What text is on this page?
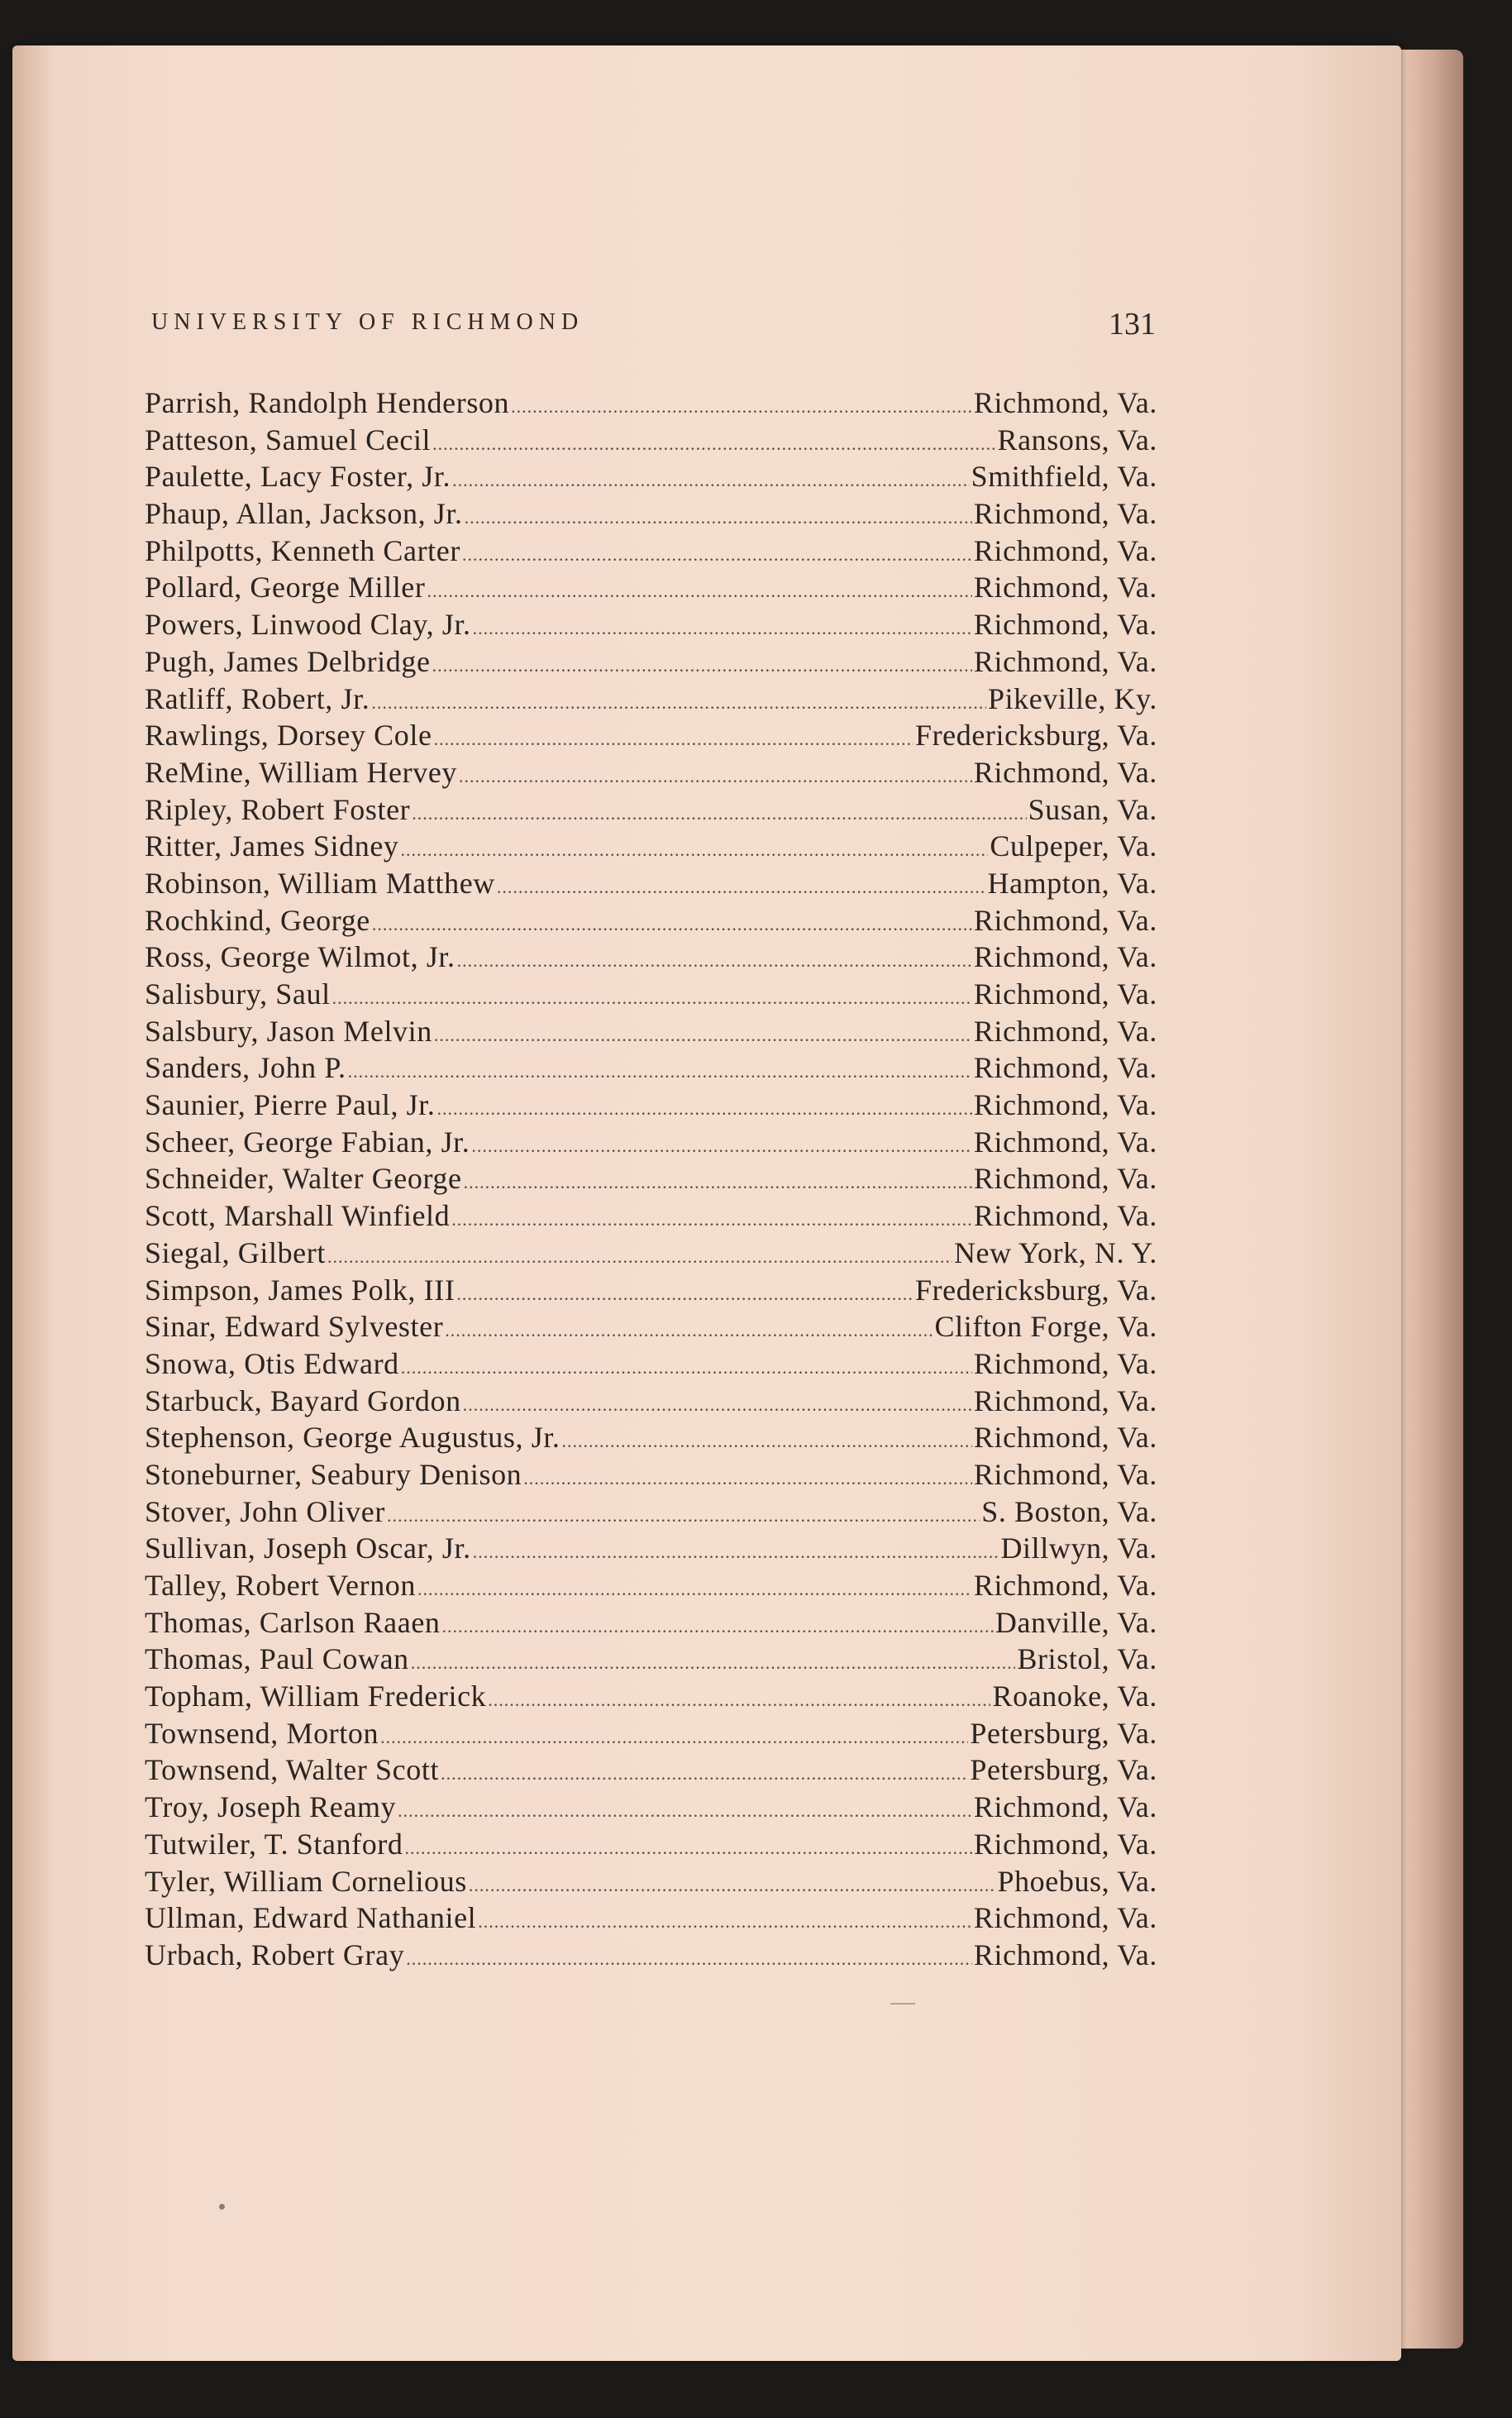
UNIVERSITY OF RICHMOND	131
Parrish, Randolph Henderson .....	Richmond, Va.
Patteson, Samuel Cecil .....	Ransons, Va.
Paulette, Lacy Foster, Jr. .....	Smithfield, Va.
Phaup, Allan, Jackson, Jr. .....	Richmond, Va.
Philpotts, Kenneth Carter .....	Richmond, Va.
Pollard, George Miller .....	Richmond, Va.
Powers, Linwood Clay, Jr. .....	Richmond, Va.
Pugh, James Delbridge .....	Richmond, Va.
Ratliff, Robert, Jr. .....	Pikeville, Ky.
Rawlings, Dorsey Cole .....	Fredericksburg, Va.
ReMine, William Hervey .....	Richmond, Va.
Ripley, Robert Foster .....	Susan, Va.
Ritter, James Sidney .....	Culpeper, Va.
Robinson, William Matthew .....	Hampton, Va.
Rochkind, George .....	Richmond, Va.
Ross, George Wilmot, Jr. .....	Richmond, Va.
Salisbury, Saul .....	Richmond, Va.
Salsbury, Jason Melvin .....	Richmond, Va.
Sanders, John P. .....	Richmond, Va.
Saunier, Pierre Paul, Jr. .....	Richmond, Va.
Scheer, George Fabian, Jr. .....	Richmond, Va.
Schneider, Walter George .....	Richmond, Va.
Scott, Marshall Winfield .....	Richmond, Va.
Siegal, Gilbert .....	New York, N. Y.
Simpson, James Polk, III .....	Fredericksburg, Va.
Sinar, Edward Sylvester .....	Clifton Forge, Va.
Snowa, Otis Edward .....	Richmond, Va.
Starbuck, Bayard Gordon .....	Richmond, Va.
Stephenson, George Augustus, Jr. .....	Richmond, Va.
Stoneburner, Seabury Denison .....	Richmond, Va.
Stover, John Oliver .....	S. Boston, Va.
Sullivan, Joseph Oscar, Jr. .....	Dillwyn, Va.
Talley, Robert Vernon .....	Richmond, Va.
Thomas, Carlson Raaen .....	Danville, Va.
Thomas, Paul Cowan .....	Bristol, Va.
Topham, William Frederick .....	Roanoke, Va.
Townsend, Morton .....	Petersburg, Va.
Townsend, Walter Scott .....	Petersburg, Va.
Troy, Joseph Reamy .....	Richmond, Va.
Tutwiler, T. Stanford .....	Richmond, Va.
Tyler, William Cornelious .....	Phoebus, Va.
Ullman, Edward Nathaniel .....	Richmond, Va.
Urbach, Robert Gray .....	Richmond, Va.
